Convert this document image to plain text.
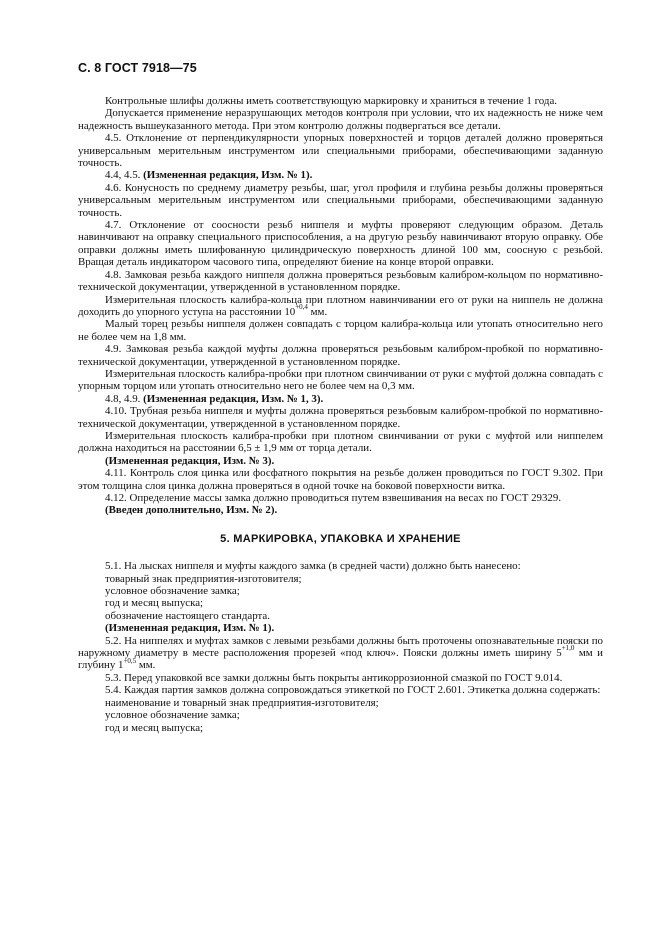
С. 8 ГОСТ 7918—75

Контрольные шлифы должны иметь соответствующую маркировку и храниться в течение 1 года.

Допускается применение неразрушающих методов контроля при условии, что их надежность не ниже чем надежность вышеуказанного метода. При этом контролю должны подвергаться все детали.

4.5. Отклонение от перпендикулярности упорных поверхностей и торцов деталей должно проверяться универсальным мерительным инструментом или специальными приборами, обеспечивающими заданную точность.

4.4, 4.5. (Измененная редакция, Изм. № 1).

4.6. Конусность по среднему диаметру резьбы, шаг, угол профиля и глубина резьбы должны проверяться универсальным мерительным инструментом или специальными приборами, обеспечивающими заданную точность.

4.7. Отклонение от соосности резьб ниппеля и муфты проверяют следующим образом. Деталь навинчивают на оправку специального приспособления, а на другую резьбу навинчивают вторую оправку. Обе оправки должны иметь шлифованную цилиндрическую поверхность длиной 100 мм, соосную с резьбой. Вращая деталь индикатором часового типа, определяют биение на конце второй оправки.

4.8. Замковая резьба каждого ниппеля должна проверяться резьбовым калибром-кольцом по нормативно-технической документации, утвержденной в установленном порядке.

Измерительная плоскость калибра-кольца при плотном навинчивании его от руки на ниппель не должна доходить до упорного уступа на расстоянии $10^{+0,4}$ мм.

Малый торец резьбы ниппеля должен совпадать с торцом калибра-кольца или утопать относительно него не более чем на 1,8 мм.

4.9. Замковая резьба каждой муфты должна проверяться резьбовым калибром-пробкой по нормативно-технической документации, утвержденной в установленном порядке.

Измерительная плоскость калибра-пробки при плотном свинчивании от руки с муфтой должна совпадать с упорным торцом или утопать относительно него не более чем на 0,3 мм.

4.8, 4.9. (Измененная редакция, Изм. № 1, 3).

4.10. Трубная резьба ниппеля и муфты должна проверяться резьбовым калибром-пробкой по нормативно-технической документации, утвержденной в установленном порядке.

Измерительная плоскость калибра-пробки при плотном свинчивании от руки с муфтой или ниппелем должна находиться на расстоянии 6,5 ± 1,9 мм от торца детали.

(Измененная редакция, Изм. № 3).

4.11. Контроль слоя цинка или фосфатного покрытия на резьбе должен проводиться по ГОСТ 9.302. При этом толщина слоя цинка должна проверяться в одной точке на боковой поверхности витка.

4.12. Определение массы замка должно проводиться путем взвешивания на весах по ГОСТ 29329.

(Введен дополнительно, Изм. № 2).

5. МАРКИРОВКА, УПАКОВКА И ХРАНЕНИЕ

5.1. На лысках ниппеля и муфты каждого замка (в средней части) должно быть нанесено:

товарный знак предприятия-изготовителя;

условное обозначение замка;

год и месяц выпуска;

обозначение настоящего стандарта.

(Измененная редакция, Изм. № 1).

5.2. На ниппелях и муфтах замков с левыми резьбами должны быть проточены опознавательные пояски по наружному диаметру в месте расположения прорезей «под ключ». Пояски должны иметь ширину $5^{+1,0}$ мм и глубину $1^{+0,5}$ мм.

5.3. Перед упаковкой все замки должны быть покрыты антикоррозионной смазкой по ГОСТ 9.014.

5.4. Каждая партия замков должна сопровождаться этикеткой по ГОСТ 2.601. Этикетка должна содержать:

наименование и товарный знак предприятия-изготовителя;

условное обозначение замка;

год и месяц выпуска;
